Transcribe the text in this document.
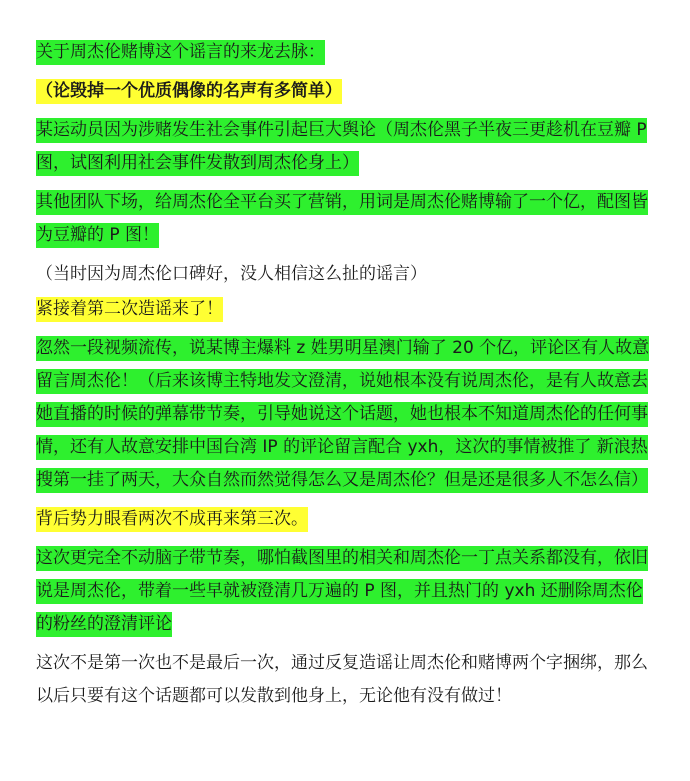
关于周杰伦赌博这个谣言的来龙去脉：

（论毁掉一个优质偶像的名声有多简单）

某运动员因为涉赌发生社会事件引起巨大舆论（周杰伦黑子半夜三更趁机在豆瓣 P 图，试图利用社会事件发散到周杰伦身上）

其他团队下场，给周杰伦全平台买了营销，用词是周杰伦赌博输了一个亿，配图皆为豆瓣的 P 图！

（当时因为周杰伦口碑好，没人相信这么扯的谣言）

紧接着第二次造谣来了！

忽然一段视频流传，说某博主爆料 z 姓男明星澳门输了 20 个亿，评论区有人故意留言周杰伦！（后来该博主特地发文澄清，说她根本没有说周杰伦，是有人故意去她直播的时候的弹幕带节奏，引导她说这个话题，她也根本不知道周杰伦的任何事情，还有人故意安排中国台湾 IP 的评论留言配合 yxh，这次的事情被推了 新浪热搜第一挂了两天，大众自然而然觉得怎么又是周杰伦？但是还是很多人不怎么信）

背后势力眼看两次不成再来第三次。

这次更完全不动脑子带节奏，哪怕截图里的相关和周杰伦一丁点关系都没有，依旧说是周杰伦，带着一些早就被澄清几万遍的 P 图，并且热门的 yxh 还删除周杰伦的粉丝的澄清评论

这次不是第一次也不是最后一次，通过反复造谣让周杰伦和赌博两个字捆绑，那么以后只要有这个话题都可以发散到他身上，无论他有没有做过！
